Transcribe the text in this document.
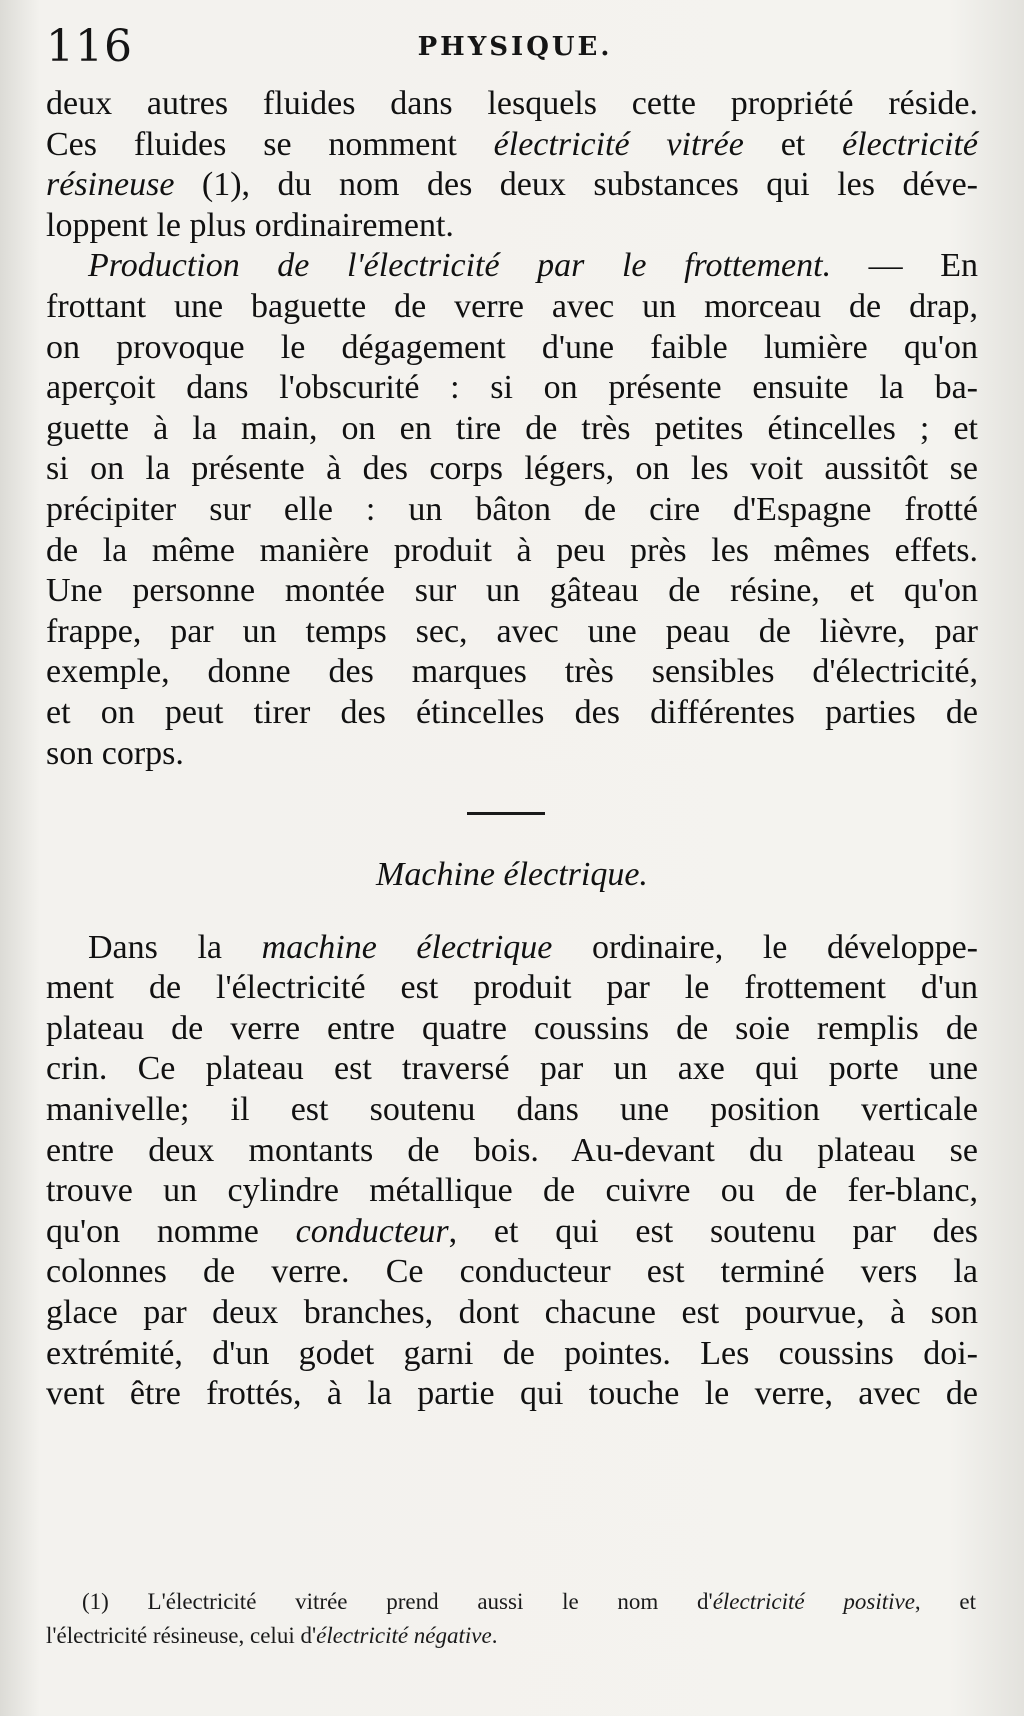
116	PHYSIQUE.
deux autres fluides dans lesquels cette propriété réside.
Ces fluides se nomment électricité vitrée et électricité
résineuse (1), du nom des deux substances qui les déve-
loppent le plus ordinairement.
Production de l'électricité par le frottement. — En
frottant une baguette de verre avec un morceau de drap,
on provoque le dégagement d'une faible lumière qu'on
aperçoit dans l'obscurité : si on présente ensuite la ba-
guette à la main, on en tire de très petites étincelles ; et
si on la présente à des corps légers, on les voit aussitôt se
précipiter sur elle : un bâton de cire d'Espagne frotté
de la même manière produit à peu près les mêmes effets.
Une personne montée sur un gâteau de résine, et qu'on
frappe, par un temps sec, avec une peau de lièvre, par
exemple, donne des marques très sensibles d'électricité,
et on peut tirer des étincelles des différentes parties de
son corps.
Machine électrique.
Dans la machine électrique ordinaire, le développe-
ment de l'électricité est produit par le frottement d'un
plateau de verre entre quatre coussins de soie remplis de
crin. Ce plateau est traversé par un axe qui porte une
manivelle; il est soutenu dans une position verticale
entre deux montants de bois. Au-devant du plateau se
trouve un cylindre métallique de cuivre ou de fer-blanc,
qu'on nomme conducteur, et qui est soutenu par des
colonnes de verre. Ce conducteur est terminé vers la
glace par deux branches, dont chacune est pourvue, à son
extrémité, d'un godet garni de pointes. Les coussins doi-
vent être frottés, à la partie qui touche le verre, avec de
(1) L'électricité vitrée prend aussi le nom d'électricité positive, et
l'électricité résineuse, celui d'électricité négative.
